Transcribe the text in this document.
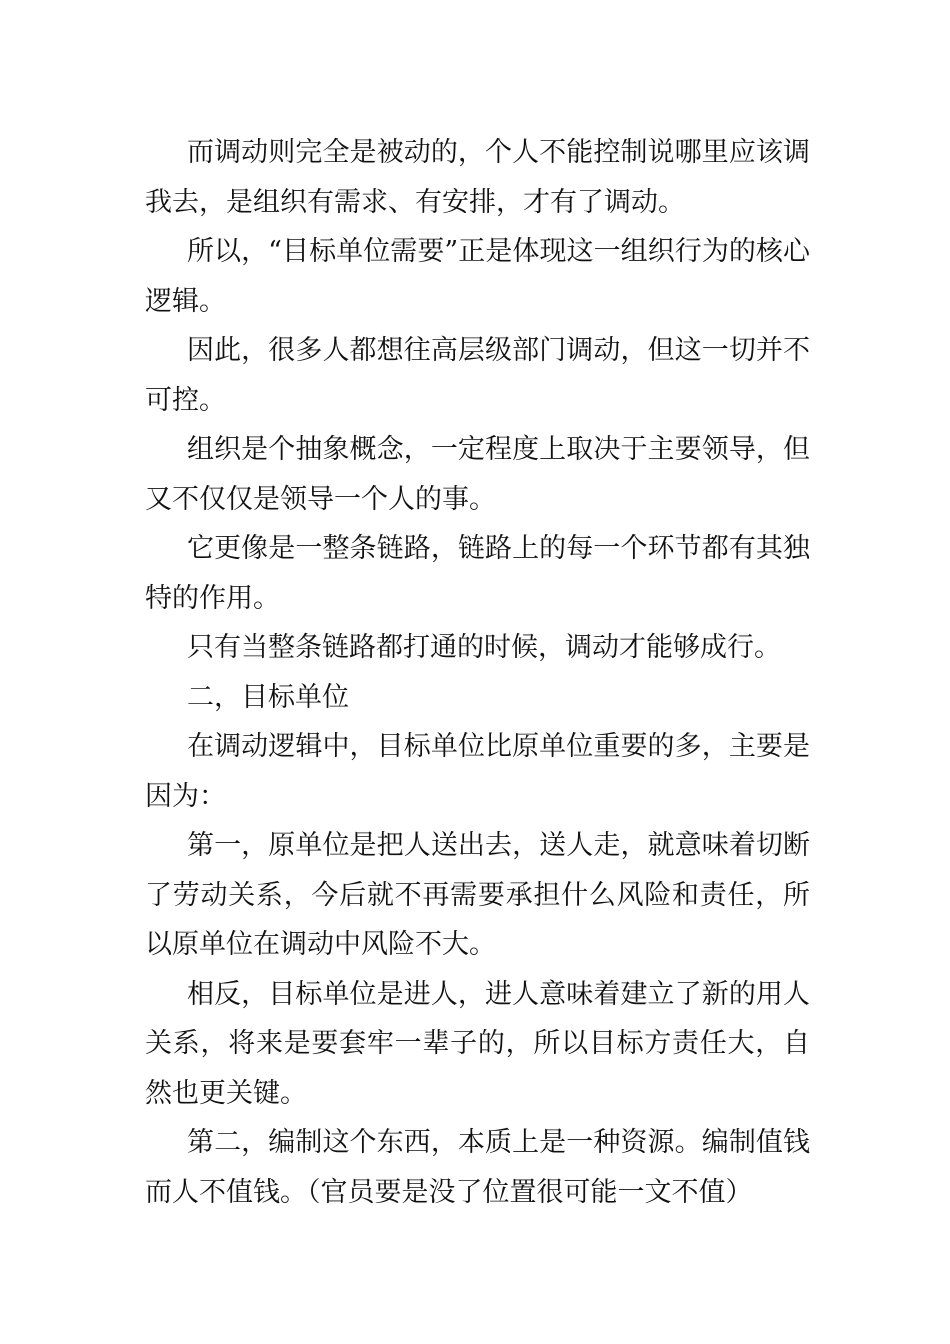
而调动则完全是被动的，个人不能控制说哪里应该调我去，是组织有需求、有安排，才有了调动。

所以，“目标单位需要”正是体现这一组织行为的核心逻辑。

因此，很多人都想往高层级部门调动，但这一切并不可控。

组织是个抽象概念，一定程度上取决于主要领导，但又不仅仅是领导一个人的事。

它更像是一整条链路，链路上的每一个环节都有其独特的作用。

只有当整条链路都打通的时候，调动才能够成行。

二，目标单位

在调动逻辑中，目标单位比原单位重要的多，主要是因为：

第一，原单位是把人送出去，送人走，就意味着切断了劳动关系，今后就不再需要承担什么风险和责任，所以原单位在调动中风险不大。

相反，目标单位是进人，进人意味着建立了新的用人关系，将来是要套牢一辈子的，所以目标方责任大，自然也更关键。

第二，编制这个东西，本质上是一种资源。编制值钱而人不值钱。（官员要是没了位置很可能一文不值）
